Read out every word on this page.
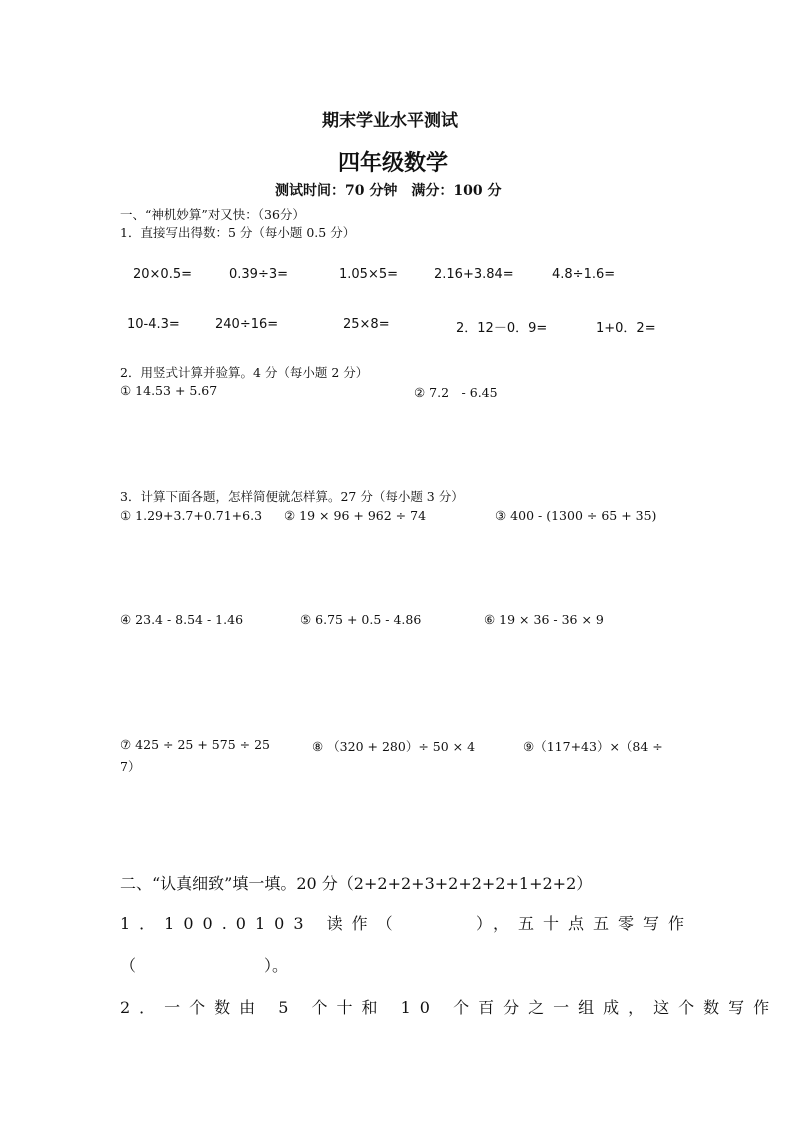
期末学业水平测试
四年级数学
测试时间：70 分钟　满分：100 分
一、“神机妙算”对又快：（36分）
1．直接写出得数：5 分（每小题 0.5 分）
20×0.5=	0.39÷3=	1.05×5=	2.16+3.84=	4.8÷1.6=
10-4.3=	240÷16=	25×8=	2．12－0．9=	1+0．2=
2．用竖式计算并验算。4 分（每小题 2 分）
① 14.53 + 5.67	② 7.2　- 6.45
3．计算下面各题，怎样简便就怎样算。27 分（每小题 3 分）
① 1.29+3.7+0.71+6.3 ② 19 × 96 + 962 ÷ 74	③ 400 - (1300 ÷ 65 + 35)
④ 23.4 - 8.54 - 1.46	⑤ 6.75 + 0.5 - 4.86	⑥ 19 × 36 - 36 × 9
⑦ 425 ÷ 25 + 575 ÷ 25	⑧ （320 + 280）÷ 50 × 4	⑨（117+43）×（84 ÷
7）
二、“认真细致”填一填。20 分（2+2+2+3+2+2+2+1+2+2）
1．100.0103 读作（	），五十点五零写作
（　　　　　　　　）。
2．一个数由 5 个十和 10 个百分之一组成，这个数写作
